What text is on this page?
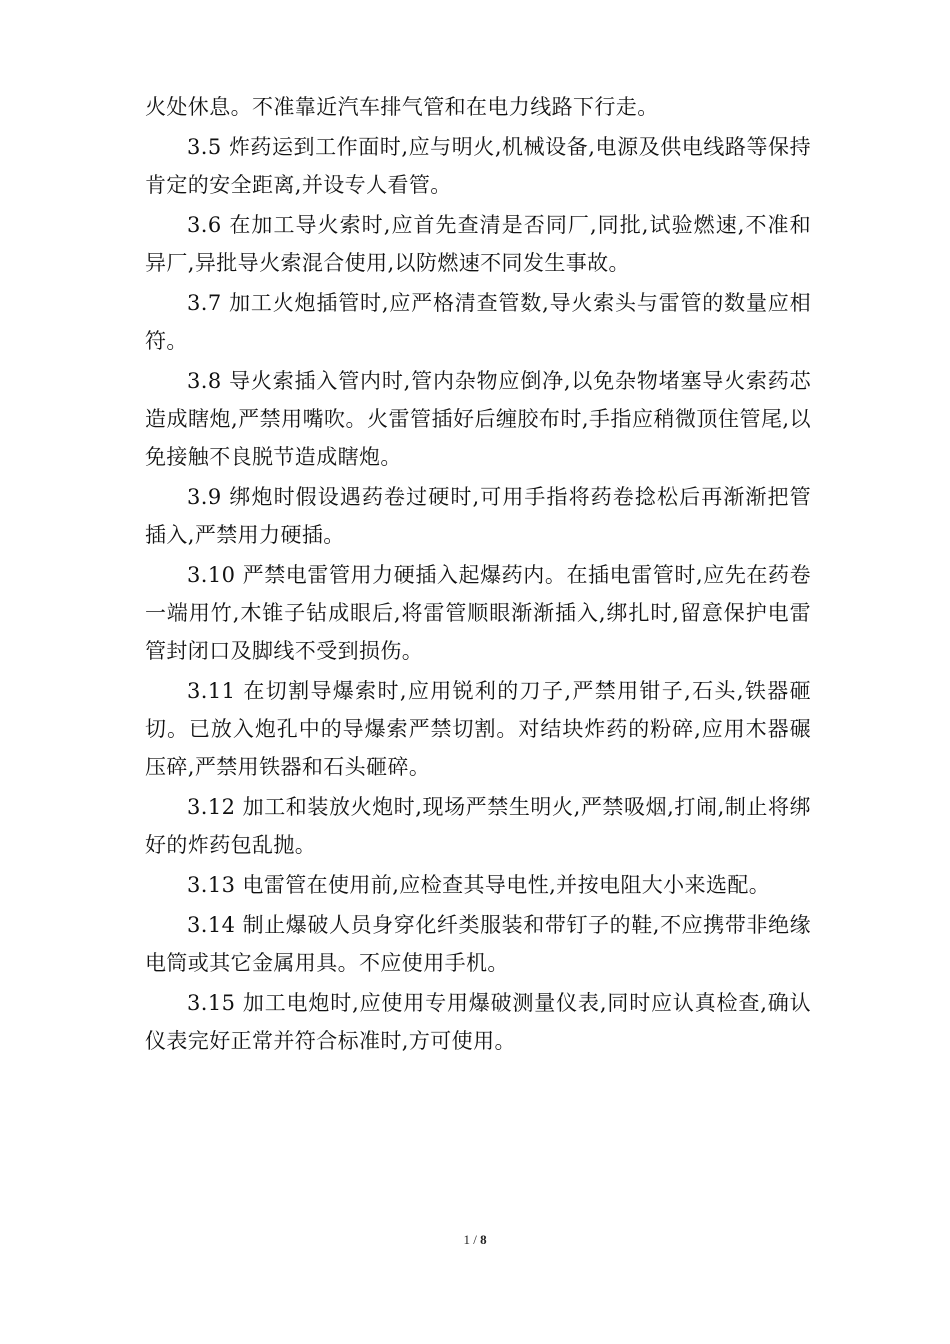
火处休息。不准靠近汽车排气管和在电力线路下行走。

3.5 炸药运到工作面时,应与明火,机械设备,电源及供电线路等保持肯定的安全距离,并设专人看管。

3.6 在加工导火索时,应首先查清是否同厂,同批,试验燃速,不准和异厂,异批导火索混合使用,以防燃速不同发生事故。

3.7 加工火炮插管时,应严格清查管数,导火索头与雷管的数量应相符。

3.8 导火索插入管内时,管内杂物应倒净,以免杂物堵塞导火索药芯造成瞎炮,严禁用嘴吹。火雷管插好后缠胶布时,手指应稍微顶住管尾,以免接触不良脱节造成瞎炮。

3.9 绑炮时假设遇药卷过硬时,可用手指将药卷捻松后再渐渐把管插入,严禁用力硬插。

3.10 严禁电雷管用力硬插入起爆药内。在插电雷管时,应先在药卷一端用竹,木锥子钻成眼后,将雷管顺眼渐渐插入,绑扎时,留意保护电雷管封闭口及脚线不受到损伤。

3.11 在切割导爆索时,应用锐利的刀子,严禁用钳子,石头,铁器砸切。已放入炮孔中的导爆索严禁切割。对结块炸药的粉碎,应用木器碾压碎,严禁用铁器和石头砸碎。

3.12 加工和装放火炮时,现场严禁生明火,严禁吸烟,打闹,制止将绑好的炸药包乱抛。

3.13 电雷管在使用前,应检查其导电性,并按电阻大小来选配。

3.14 制止爆破人员身穿化纤类服装和带钉子的鞋,不应携带非绝缘电筒或其它金属用具。不应使用手机。

3.15 加工电炮时,应使用专用爆破测量仪表,同时应认真检查,确认仪表完好正常并符合标准时,方可使用。

1 / 8
